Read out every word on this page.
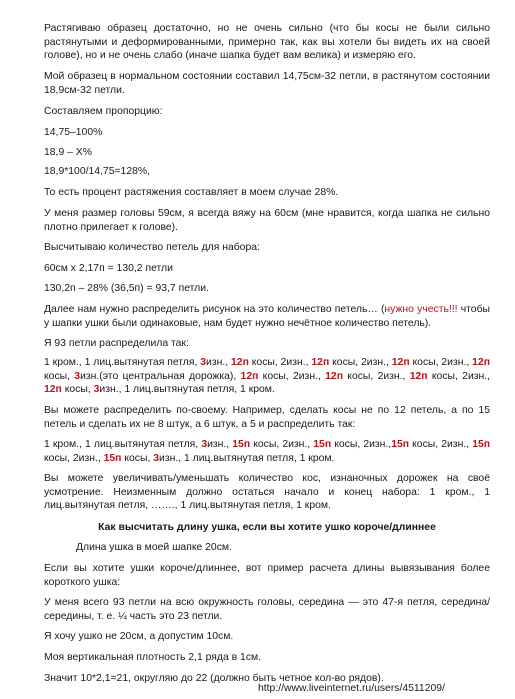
Растягиваю образец достаточно, но не очень сильно (что бы косы не были сильно растянутыми и деформированными, примерно так, как вы хотели бы видеть их на своей голове), но и не очень слабо (иначе шапка будет вам велика) и измеряю его.

Мой образец в нормальном состоянии составил 14,75см-32 петли, в растянутом состоянии 18,9см-32 петли.

Составляем пропорцию:

14,75–100%

18,9 – Х%

18,9*100/14,75=128%,

То есть процент растяжения составляет в моем случае 28%.

У меня размер головы 59см, я всегда вяжу на 60см (мне нравится, когда шапка не сильно плотно прилегает к голове).

Высчитываю количество петель для набора:

60см х 2,17п = 130,2 петли

130,2п – 28% (36,5п) = 93,7 петли.

Далее нам нужно распределить рисунок на это количество петель… (нужно учесть!!! чтобы у шапки ушки были одинаковые, нам будет нужно нечётное количество петель).

Я 93 петли распределила так:

1 кром., 1 лиц.вытянутая петля, 3изн., 12п косы, 2изн., 12п косы, 2изн., 12п косы, 2изн., 12п косы, 3изн.(это центральная дорожка), 12п косы, 2изн., 12п косы, 2изн., 12п косы, 2изн., 12п косы, 3изн., 1 лиц.вытянутая петля, 1 кром.

Вы можете распределить по-своему. Например, сделать косы не по 12 петель, а по 15 петель и сделать их не 8 штук, а 6 штук, а 5 и распределить так:

1 кром., 1 лиц.вытянутая петля, 3изн., 15п косы, 2изн., 15п косы, 2изн.,15п косы, 2изн., 15п косы, 2изн., 15п косы, 3изн., 1 лиц.вытянутая петля, 1 кром.

Вы можете увеличивать/уменьшать количество кос, изнаночных дорожек на своё усмотрение. Неизменным должно остаться начало и конец набора: 1 кром., 1 лиц.вытянутая петля, ……., 1 лиц.вытянутая петля, 1 кром.

Как высчитать длину ушка, если вы хотите ушко короче/длиннее

Длина ушка в моей шапке 20см.

Если вы хотите ушки короче/длиннее, вот пример расчета длины вывязывания более короткого ушка:

У меня всего 93 петли на всю окружность головы, середина — это 47-я петля, середина/середины, т. е. ¼ часть это 23 петли.

Я хочу ушко не 20см, а допустим 10см.

Моя вертикальная плотность 2,1 ряда в 1см.

Значит 10*2,1=21, округляю до 22 (должно быть четное кол-во рядов).

http://www.liveinternet.ru/users/4511209/
